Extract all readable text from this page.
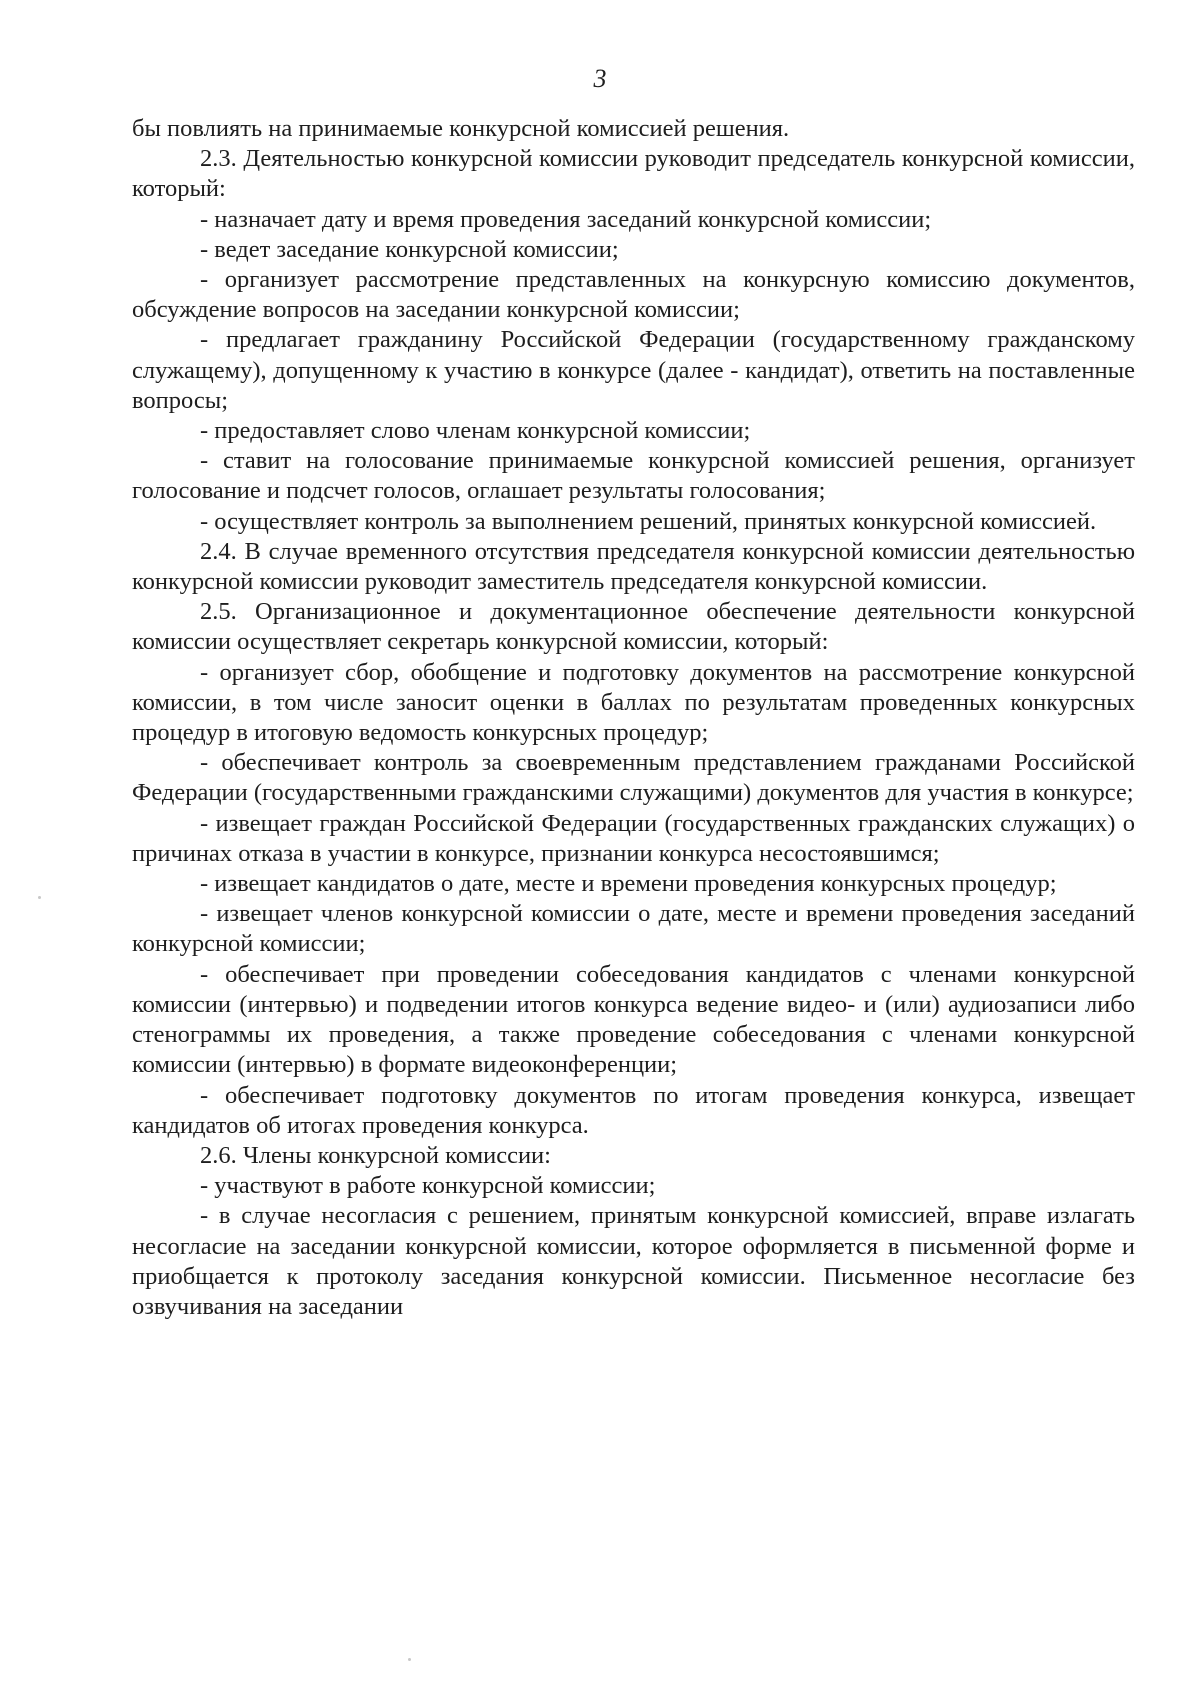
3

бы повлиять на принимаемые конкурсной комиссией решения.

2.3. Деятельностью конкурсной комиссии руководит председатель конкурсной комиссии, который:

- назначает дату и время проведения заседаний конкурсной комиссии;

- ведет заседание конкурсной комиссии;

- организует рассмотрение представленных на конкурсную комиссию документов, обсуждение вопросов на заседании конкурсной комиссии;

- предлагает гражданину Российской Федерации (государственному гражданскому служащему), допущенному к участию в конкурсе (далее - кандидат), ответить на поставленные вопросы;

- предоставляет слово членам конкурсной комиссии;

- ставит на голосование принимаемые конкурсной комиссией решения, организует голосование и подсчет голосов, оглашает результаты голосования;

- осуществляет контроль за выполнением решений, принятых конкурсной комиссией.

2.4. В случае временного отсутствия председателя конкурсной комиссии деятельностью конкурсной комиссии руководит заместитель председателя конкурсной комиссии.

2.5. Организационное и документационное обеспечение деятельности конкурсной комиссии осуществляет секретарь конкурсной комиссии, который:

- организует сбор, обобщение и подготовку документов на рассмотрение конкурсной комиссии, в том числе заносит оценки в баллах по результатам проведенных конкурсных процедур в итоговую ведомость конкурсных процедур;

- обеспечивает контроль за своевременным представлением гражданами Российской Федерации (государственными гражданскими служащими) документов для участия в конкурсе;

- извещает граждан Российской Федерации (государственных гражданских служащих) о причинах отказа в участии в конкурсе, признании конкурса несостоявшимся;

- извещает кандидатов о дате, месте и времени проведения конкурсных процедур;

- извещает членов конкурсной комиссии о дате, месте и времени проведения заседаний конкурсной комиссии;

- обеспечивает при проведении собеседования кандидатов с членами конкурсной комиссии (интервью) и подведении итогов конкурса ведение видео- и (или) аудиозаписи либо стенограммы их проведения, а также проведение собеседования с членами конкурсной комиссии (интервью) в формате видеоконференции;

- обеспечивает подготовку документов по итогам проведения конкурса, извещает кандидатов об итогах проведения конкурса.

2.6. Члены конкурсной комиссии:

- участвуют в работе конкурсной комиссии;

- в случае несогласия с решением, принятым конкурсной комиссией, вправе излагать несогласие на заседании конкурсной комиссии, которое оформляется в письменной форме и приобщается к протоколу заседания конкурсной комиссии. Письменное несогласие без озвучивания на заседании
